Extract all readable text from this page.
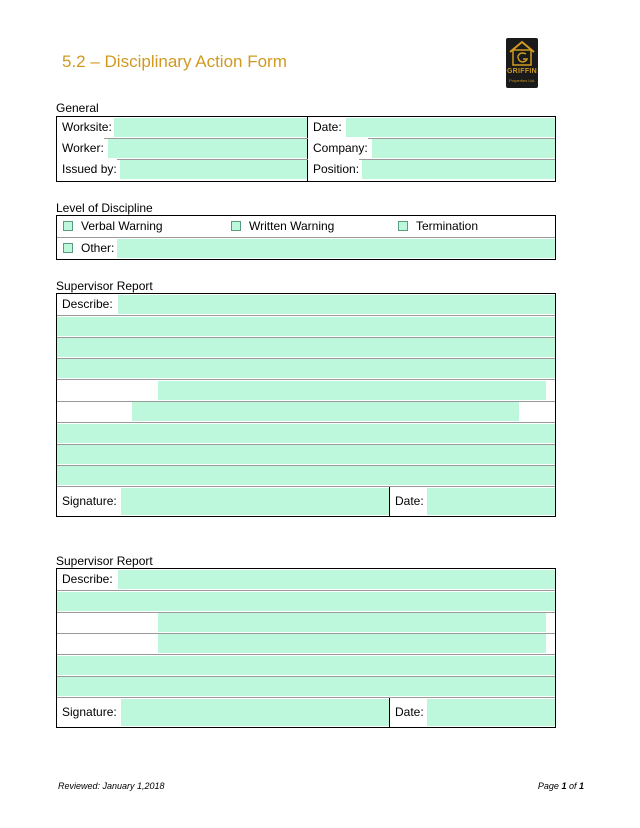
5.2 – Disciplinary Action Form
GRIFFIN
Properties Ltd.
General
Worksite:	Date:
Worker:	Company:
Issued by:	Position:
Level of Discipline
Verbal Warning	Written Warning	Termination
Other:
Supervisor Report
Describe:
Signature:	Date:
Supervisor Report
Describe:
Signature:	Date:
Reviewed: January 1,2018	Page 1 of 1
